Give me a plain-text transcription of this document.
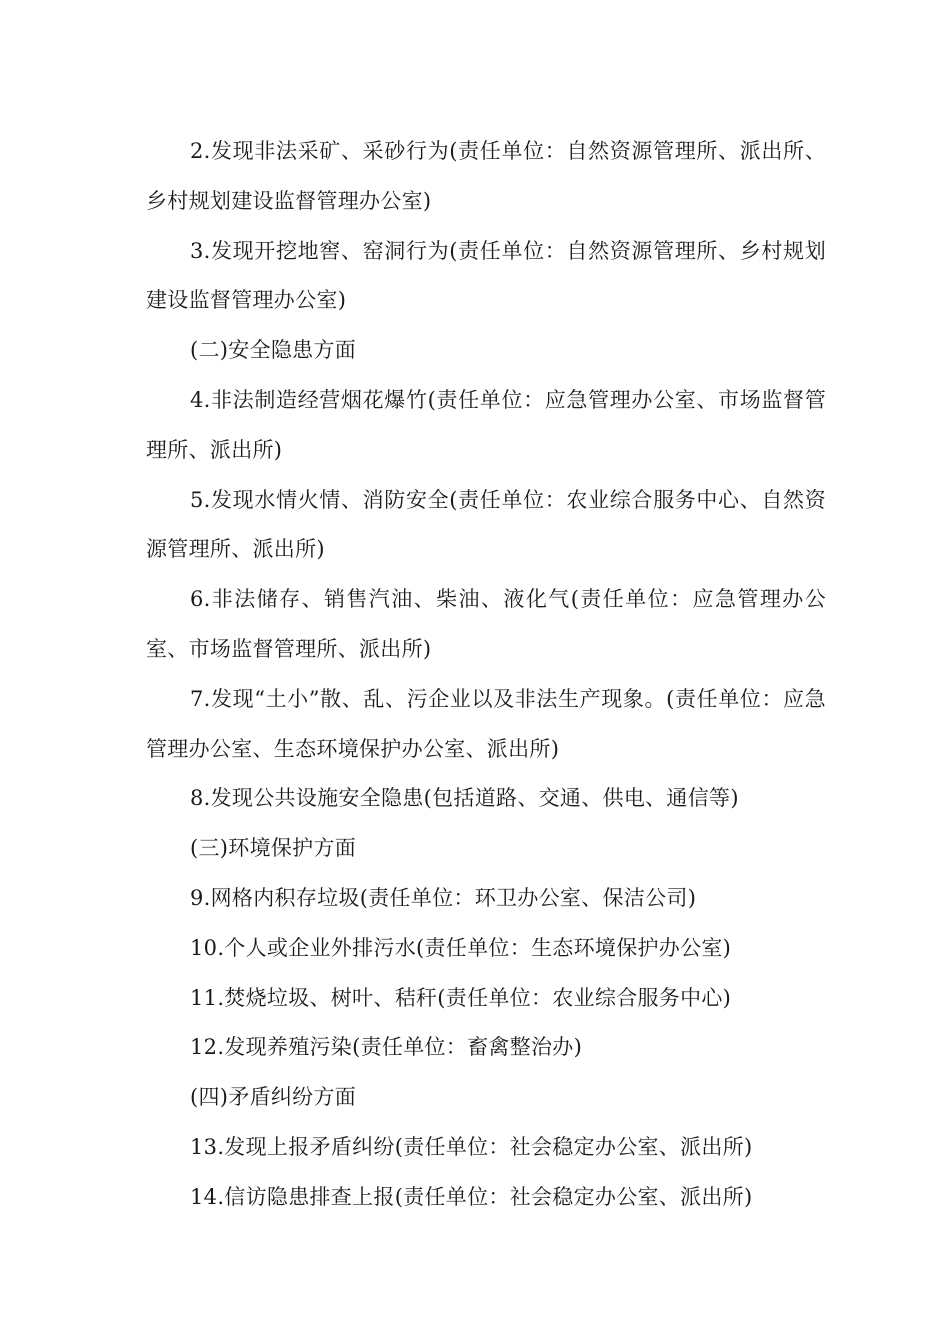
2.发现非法采矿、采砂行为(责任单位：自然资源管理所、派出所、乡村规划建设监督管理办公室)

3.发现开挖地窖、窑洞行为(责任单位：自然资源管理所、乡村规划建设监督管理办公室)

(二)安全隐患方面

4.非法制造经营烟花爆竹(责任单位：应急管理办公室、市场监督管理所、派出所)

5.发现水情火情、消防安全(责任单位：农业综合服务中心、自然资源管理所、派出所)

6.非法储存、销售汽油、柴油、液化气(责任单位：应急管理办公室、市场监督管理所、派出所)

7.发现“土小”散、乱、污企业以及非法生产现象。(责任单位：应急管理办公室、生态环境保护办公室、派出所)

8.发现公共设施安全隐患(包括道路、交通、供电、通信等)

(三)环境保护方面

9.网格内积存垃圾(责任单位：环卫办公室、保洁公司)

10.个人或企业外排污水(责任单位：生态环境保护办公室)

11.焚烧垃圾、树叶、秸秆(责任单位：农业综合服务中心)

12.发现养殖污染(责任单位：畜禽整治办)

(四)矛盾纠纷方面

13.发现上报矛盾纠纷(责任单位：社会稳定办公室、派出所)

14.信访隐患排查上报(责任单位：社会稳定办公室、派出所)
